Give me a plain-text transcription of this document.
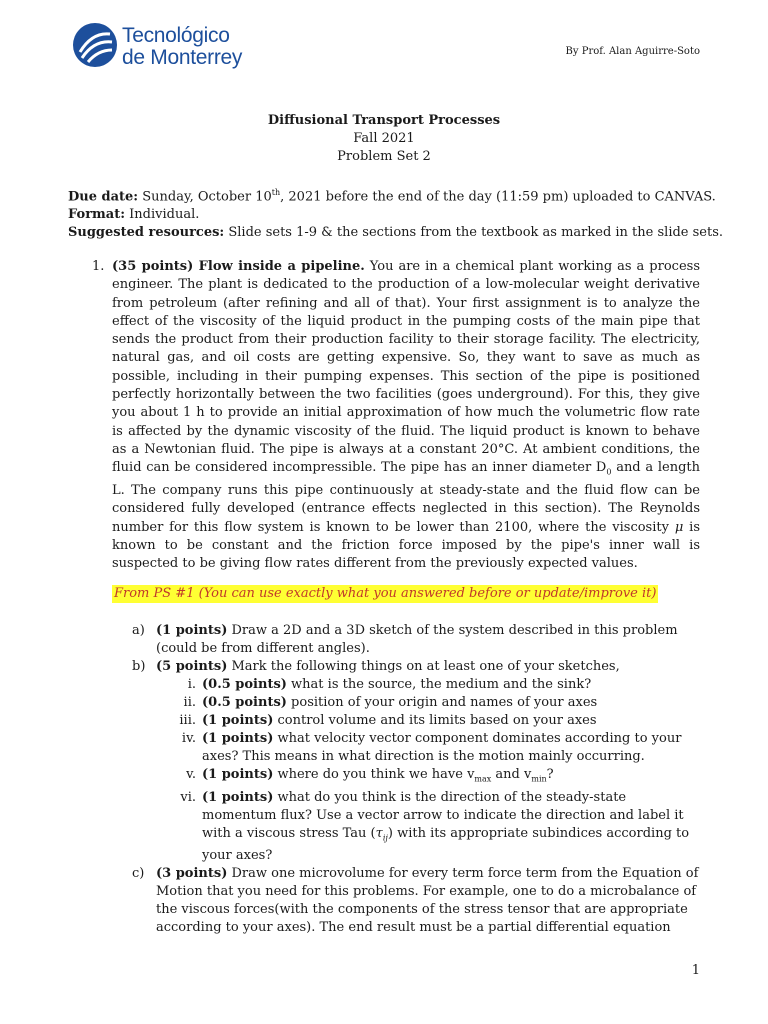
Tecnológico
de Monterrey	By Prof. Alan Aguirre-Soto
Diffusional Transport Processes
Fall 2021
Problem Set 2
Due date: Sunday, October 10th, 2021 before the end of the day (11:59 pm) uploaded to CANVAS.
Format: Individual.
Suggested resources: Slide sets 1-9 & the sections from the textbook as marked in the slide sets.
1. (35 points) Flow inside a pipeline. You are in a chemical plant working as a process engineer. The plant is dedicated to the production of a low-molecular weight derivative from petroleum (after refining and all of that). Your first assignment is to analyze the effect of the viscosity of the liquid product in the pumping costs of the main pipe that sends the product from their production facility to their storage facility. The electricity, natural gas, and oil costs are getting expensive. So, they want to save as much as possible, including in their pumping expenses. This section of the pipe is positioned perfectly horizontally between the two facilities (goes underground). For this, they give you about 1 h to provide an initial approximation of how much the volumetric flow rate is affected by the dynamic viscosity of the fluid. The liquid product is known to behave as a Newtonian fluid. The pipe is always at a constant 20°C. At ambient conditions, the fluid can be considered incompressible. The pipe has an inner diameter $D_0$ and a length L. The company runs this pipe continuously at steady-state and the fluid flow can be considered fully developed (entrance effects neglected in this section). The Reynolds number for this flow system is known to be lower than 2100, where the viscosity μ is known to be constant and the friction force imposed by the pipe's inner wall is suspected to be giving flow rates different from the previously expected values.

From PS #1 (You can use exactly what you answered before or update/improve it)
a) (1 points) Draw a 2D and a 3D sketch of the system described in this problem (could be from different angles).
b) (5 points) Mark the following things on at least one of your sketches,
i. (0.5 points) what is the source, the medium and the sink?
ii. (0.5 points) position of your origin and names of your axes
iii. (1 points) control volume and its limits based on your axes
iv. (1 points) what velocity vector component dominates according to your axes? This means in what direction is the motion mainly occurring.
v. (1 points) where do you think we have $v_{max}$ and $v_{min}$?
vi. (1 points) what do you think is the direction of the steady-state momentum flux? Use a vector arrow to indicate the direction and label it with a viscous stress Tau $(\tau_{ij})$ with its appropriate subindices according to your axes?
c) (3 points) Draw one microvolume for every term force term from the Equation of Motion that you need for this problems. For example, one to do a microbalance of the viscous forces(with the components of the stress tensor that are appropriate according to your axes). The end result must be a partial differential equation
1
